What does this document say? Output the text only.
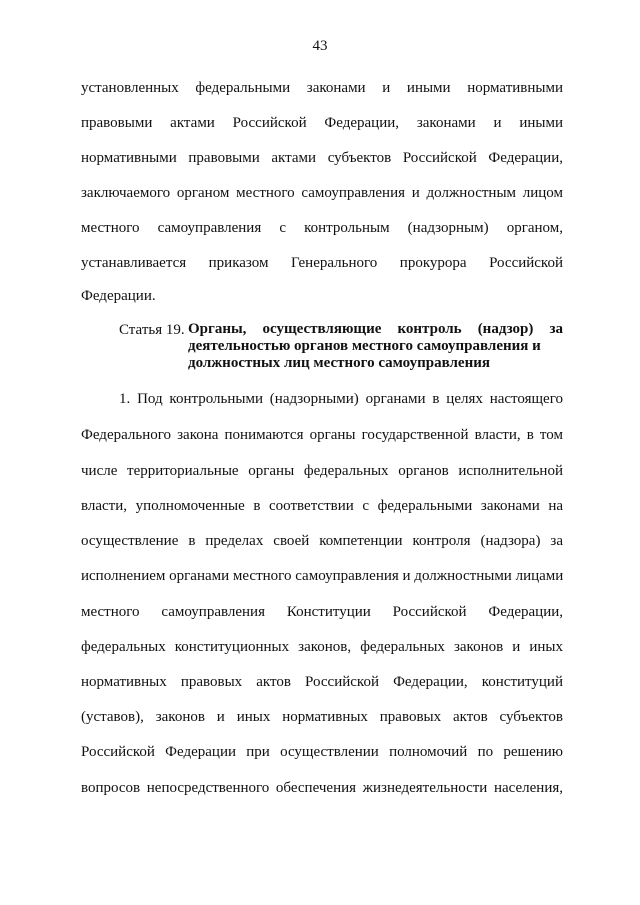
43
установленных федеральными законами и иными нормативными
правовыми актами Российской Федерации, законами и иными
нормативными правовыми актами субъектов Российской Федерации,
заключаемого органом местного самоуправления и должностным лицом
местного самоуправления с контрольным (надзорным) органом,
устанавливается приказом Генерального прокурора Российской
Федерации.
Статья 19. Органы, осуществляющие контроль (надзор) за
деятельностью органов местного самоуправления и
должностных лиц местного самоуправления
1. Под контрольными (надзорными) органами в целях настоящего
Федерального закона понимаются органы государственной власти, в том
числе территориальные органы федеральных органов исполнительной
власти, уполномоченные в соответствии с федеральными законами на
осуществление в пределах своей компетенции контроля (надзора) за
исполнением органами местного самоуправления и должностными лицами
местного самоуправления Конституции Российской Федерации,
федеральных конституционных законов, федеральных законов и иных
нормативных правовых актов Российской Федерации, конституций
(уставов), законов и иных нормативных правовых актов субъектов
Российской Федерации при осуществлении полномочий по решению
вопросов непосредственного обеспечения жизнедеятельности населения,
